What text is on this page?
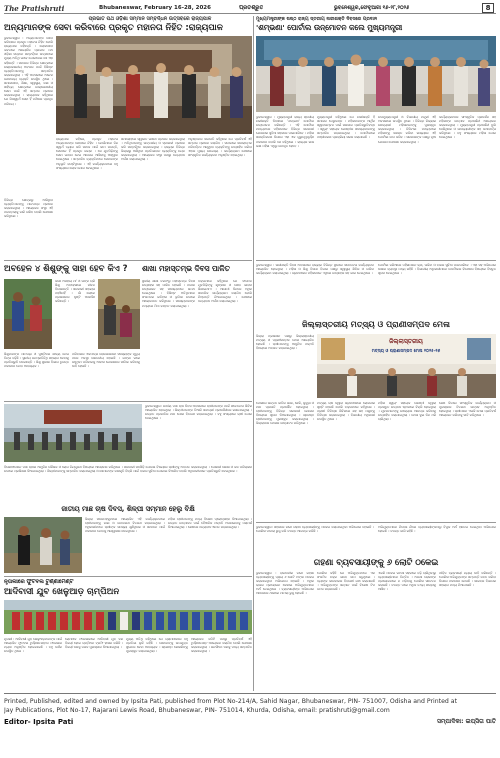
The Pratishruti	Bhubaneswar, February 16-28, 2026	ପ୍ରତିଶ୍ରୁତି	ଭୁବନେଶ୍ୱର,ଫେବୃଆରୀ ୧୬-୨୮,୨୦୨୬	8
ପ୍ରଭାତ ପଥ ଓଡ଼ିଶା ସମ୍ମାନ ସମ୍ବର୍ଦ୍ଧନ ଉତ୍ସବରେ ରାଜ୍ୟପାଳ
ଅନ୍ୟମାନଙ୍କ ସେବା କରିବାରେ ପ୍ରକୃତ ମହାନତା ନିହିତ :ରାଜ୍ୟପାଳ
ଭୁବନେଶ୍ୱର : ଅନ୍ୟମାନଙ୍କ ସେବା କରିବାରେ ପ୍ରକୃତ ମହାନତା ନିହିତ ବୋଲି ରାଜ୍ୟପାଳ କହିଛନ୍ତି । ଲୋକସେବା ଭବନରେ ଆୟୋଜିତ ପ୍ରଭାତ ପଥ ଓଡ଼ିଶା ସମ୍ମାନ ସମ୍ବର୍ଦ୍ଧନ ଉତ୍ସବରେ ମୁଖ୍ୟ ଅତିଥି ଭାବେ ଯୋଗଦେଇ ସେ ଏହା କହିଛନ୍ତି । ସମାଜର ବିଭିନ୍ନ କ୍ଷେତ୍ରରେ ଉଲ୍ଲେଖନୀୟ ଅବଦାନ ପାଇଁ ବିଶିଷ୍ଟ ବ୍ୟକ୍ତିମାନଙ୍କୁ ସମ୍ମାନିତ କରାଯାଇଥିଲା । ଏହି ଅବସରରେ ଅନେକ ଗଣମାନ୍ୟ ବ୍ୟକ୍ତି ଉପସ୍ଥିତ ଥିଲେ । ସମାଜସେବା, ଶିକ୍ଷା, ସ୍ୱାସ୍ଥ୍ୟ, କଳା ଓ ସାହିତ୍ୟ କ୍ଷେତ୍ରରେ ଉଲ୍ଲେଖନୀୟ ସେବା ପାଇଁ ଏହି ସମ୍ମାନ ପ୍ରଦାନ କରାଯାଇଥିଲା । ରାଜ୍ୟପାଳ କହିଥିଲେ ଯେ ନିଃସ୍ୱାର୍ଥ ସେବା ହିଁ ମଣିଷର ପ୍ରକୃତ ପରିଚୟ ।
ରାଜ୍ୟପାଳ କହିଲେ, ପ୍ରକୃତ ମହାନତା ଅନ୍ୟମାନଙ୍କ ସେବାରେ ନିହିତ । ଯେଉଁମାନେ ନିଜ ସ୍ୱାର୍ଥ ତ୍ୟାଗ କରି ସମାଜ ପାଇଁ କାମ କରନ୍ତି, ସେମାନେ ହିଁ ପ୍ରକୃତ ନାୟକ । ସେ ଯୁବପିଢ଼ିଙ୍କୁ ସେବା ଭାବନା ନେଇ ଆଗେଇ ଆସିବାକୁ ଆହ୍ୱାନ ଦେଇଥିଲେ । ସମ୍ମାନିତ ବ୍ୟକ୍ତିମାନେ ସେମାନଙ୍କ ଅନୁଭୂତି ବାଣ୍ଟିଥିଲେ । ଏହି କାର୍ଯ୍ୟକ୍ରମରେ ବହୁ ସଂଖ୍ୟାରେ ଲୋକ ଯୋଗ ଦେଇଥିଲେ ।
ସମାରୋହରେ ସ୍ୱାଗତ ଭାଷଣ ପ୍ରଦାନ କରାଯାଇଥିଲା । ଅତିଥିମାନଙ୍କୁ ଉତ୍ତରୀୟ ଓ ସ୍ମାରକୀ ପ୍ରଦାନ କରି ସମ୍ବର୍ଦ୍ଧିତ କରାଯାଇଥିଲା । ରାଜ୍ୟର ବିଭିନ୍ନ ଜିଲ୍ଲାରୁ ଆସିଥିବା ପ୍ରତିଭାବାନ ବ୍ୟକ୍ତିଙ୍କୁ ଚୟନ କରାଯାଇଥିଲା । ଆୟୋଜକ ସଂସ୍ଥା ପକ୍ଷରୁ ଧନ୍ୟବାଦ ଅର୍ପଣ କରାଯାଇଥିଲା ।
ଅନୁଷ୍ଠାନର ସଭାପତି କହିଥିଲେ ଯେ ପ୍ରତିବର୍ଷ ଏହି ସମ୍ମାନ ପ୍ରଦାନ କରାଯିବ । ସମାଜରେ ସକାରାତ୍ମକ ପରିବର୍ତ୍ତନ ଆଣୁଥିବା ବ୍ୟକ୍ତିଙ୍କୁ ଉତ୍ସାହିତ କରିବା ଏହାର ମୁଖ୍ୟ ଉଦ୍ଦେଶ୍ୟ । କାର୍ଯ୍ୟକ୍ରମ ଶେଷରେ ସାଂସ୍କୃତିକ କାର୍ଯ୍ୟକ୍ରମ ଅନୁଷ୍ଠିତ ହୋଇଥିଲା ।
ମୁଖ୍ୟମନ୍ତ୍ରୀଙ୍କ ଷଷ୍ଠ ରାଜ୍ୟ ସ୍ତରୀୟ ନାରୀଶକ୍ତି ଦିବସରେ ପ୍ରଦାନ
'ଶମ୍ଭଣା' ପୋର୍ଟାଲ ଉନ୍ମୋଚନ କଲେ ମୁଖ୍ୟମନ୍ତ୍ରୀ
ଭୁବନେଶ୍ୱର : ମୁଖ୍ୟମନ୍ତ୍ରୀ ରାଜ୍ୟ ସ୍ତରୀୟ ନାରୀଶକ୍ତି ଦିବସରେ 'ଶମ୍ଭଣା' ପୋର୍ଟାଲ ଉନ୍ମୋଚନ କରିଛନ୍ତି । ଏହି ପୋର୍ଟାଲ ମାଧ୍ୟମରେ ମହିଳାମାନେ ବିଭିନ୍ନ ସରକାରୀ ଯୋଜନାର ସୁବିଧା ସହଜରେ ପାଇପାରିବେ । ମହିଳା ସଶକ୍ତିକରଣ ଦିଗରେ ଏହା ଏକ ଗୁରୁତ୍ୱପୂର୍ଣ୍ଣ ପଦକ୍ଷେପ ବୋଲି ସେ କହିଥିଲେ । ରାଜ୍ୟର ଲକ୍ଷ ଲକ୍ଷ ମହିଳା ଏଥିରୁ ଉପକୃତ ହେବେ ।
ମୁଖ୍ୟମନ୍ତ୍ରୀ କହିଥିଲେ ଯେ ନାରୀଶକ୍ତି ହିଁ ସମାଜର ମେରୁଦଣ୍ଡ । ମହିଳାମାନଙ୍କ ଆର୍ଥିକ ସ୍ୱାବଲମ୍ବନ ପାଇଁ ସରକାର ପ୍ରତିଶ୍ରୁତିବଦ୍ଧ । ସ୍ୱୟଂ ସହାୟକ ଗୋଷ୍ଠୀର ସଦସ୍ୟାମାନଙ୍କୁ ସମ୍ମାନିତ କରାଯାଇଥିଲା । ପୋର୍ଟାଲରେ ପଞ୍ଜୀକରଣ ପ୍ରକ୍ରିୟା ସରଳ କରାଯାଇଛି ।
ଉପମୁଖ୍ୟମନ୍ତ୍ରୀ ଓ ବିଭାଗୀୟ ମନ୍ତ୍ରୀ ଏହି ଅବସରରେ ଉପସ୍ଥିତ ଥିଲେ । ବିଭିନ୍ନ ଜିଲ୍ଲାର ଉଦ୍ୟୋଗୀ ମହିଳାମାନଙ୍କୁ ପୁରସ୍କୃତ କରାଯାଇଥିଲା । ଡିଜିଟାଲ ମାଧ୍ୟମରେ ମହିଳାଙ୍କୁ ସଶକ୍ତ କରିବା ଲକ୍ଷ୍ୟରେ ଏହି ପୋର୍ଟାଲ କାମ କରିବ । ସରକାରଙ୍କ ପକ୍ଷରୁ ନୂଆ ଯୋଜନା ଘୋଷଣା କରାଯାଇଥିଲା ।
କାର୍ଯ୍ୟକ୍ରମରେ ସାଂସ୍କୃତିକ ପ୍ରଦର୍ଶନ ସହ ମହିଳାଙ୍କ ଉତ୍ପାଦ ପ୍ରଦର୍ଶନୀ ଆୟୋଜନ କରାଯାଇଥିଲା । ମୁଖ୍ୟମନ୍ତ୍ରୀ ପ୍ରଦର୍ଶନୀ ବୁଲି ଦେଖିଥିଲେ ଓ ଉଦ୍ୟୋଗୀଙ୍କ ସହ କଥାବାର୍ତ୍ତା କରିଥିଲେ । ବହୁ ସଂଖ୍ୟାରେ ମହିଳା ଯୋଗ ଦେଇଥିଲେ ।
ବିଭିନ୍ନ କ୍ଷେତ୍ରରୁ ଆସିଥିବା ବ୍ୟକ୍ତିମାନଙ୍କୁ ମାନପତ୍ର ପ୍ରଦାନ କରାଯାଇଥିଲା । ଆୟୋଜକ ସଂସ୍ଥା ଏହି ପରମ୍ପରାକୁ ଜାରି ରଖିବ ବୋଲି ଘୋଷଣା କରିଥିଲେ ।
ଅବହେଳ ୪ ଶିଶୁଙ୍କୁ ସାହା ହେବ କିଏ ?
ଜଣେ ଅସହାୟ ମା' ଓ ତାଙ୍କ ଚାରି ଶିଶୁ ଅବହେଳାରେ ଜୀବନ ବିତାଉଛନ୍ତି । ସରକାରୀ ସହାୟତା ପହଞ୍ଚିନାହିଁ । ଗାଁ ଲୋକେ ପ୍ରଶାସନର ଦୃଷ୍ଟି ଆକର୍ଷଣ କରିଛନ୍ତି ।
ଶିଶୁମାନଙ୍କ ପାଠପଢ଼ା ଓ ପୁଷ୍ଟିକର ଖାଦ୍ୟ ନେଇ ଚିନ୍ତା ବଢ଼ିଛି । ସ୍ଥାନୀୟ ଜନପ୍ରତିନିଧି ସହାୟତା ଦେବାକୁ ପ୍ରତିଶ୍ରୁତି ଦେଇଛନ୍ତି । ଶିଶୁ ସୁରକ୍ଷା ବିଭାଗ ତୁରନ୍ତ ପଦକ୍ଷେପ ନେବା ଆବଶ୍ୟକ ।
ପରିବାରର ଏକମାତ୍ର ରୋଜଗାରକ୍ଷମ ସଦସ୍ୟଙ୍କ ମୃତ୍ୟୁ ପରେ ଅବସ୍ଥା ଶୋଚନୀୟ ହୋଇଛି । ଭଙ୍ଗା ଘରେ ରହୁଥିବା ପରିବାରକୁ ଆବାସ ଯୋଜନାରେ ସାମିଲ କରିବାକୁ ଦାବି ହେଉଛି ।
ଶାଖା ମହାସ୍ତମ୍ଭ ଦିବସ ପାଳିତ
ସ୍ଥାନୀୟ ଶାଖା ତରଫରୁ ମହାସ୍ତମ୍ଭ ଦିବସ ଉତ୍ସାହର ସହ ପାଳିତ ହୋଇଛି । ପତାକା ଉତ୍ତୋଳନ ସହ ସଦସ୍ୟମାନେ ଶପଥ ନେଇଥିଲେ । ବିଶିଷ୍ଟ ଅତିଥିମାନେ ସଂଗଠନର ଇତିହାସ ଓ ଭୂମିକା ଉପରେ ଆଲୋକପାତ କରିଥିଲେ । ସଦସ୍ୟମାନଙ୍କ ମଧ୍ୟରେ ମିଠା ବଣ୍ଟନ କରାଯାଇଥିଲା ।
ବକ୍ତାମାନେ କହିଥିଲେ ଯେ ସଂଗଠନ ଯୁବପିଢ଼ିଙ୍କୁ ଶୃଙ୍ଖଳା ଓ ସେବା ଭାବନା ଶିଖାଇଥାଏ । ଆଗାମୀ ଦିନରେ ଅଧିକ ସାମାଜିକ କାର୍ଯ୍ୟକ୍ରମ କରାଯିବ ବୋଲି ନିଷ୍ପତ୍ତି ନିଆଯାଇଥିଲା । ଶେଷରେ ଧନ୍ୟବାଦ ଅର୍ପଣ କରାଯାଇଥିଲା ।
ଭୁବନେଶ୍ୱର : ନାରୀଶକ୍ତି ଦିବସ ଅବସରରେ ରାଜ୍ୟର ବିଭିନ୍ନ ସ୍ଥାନରେ ସଚେତନତା କାର୍ଯ୍ୟକ୍ରମ ଆୟୋଜିତ ହୋଇଥିଲା । ମହିଳା ଓ ଶିଶୁ ବିକାଶ ବିଭାଗ ପକ୍ଷରୁ ସ୍ୱାସ୍ଥ୍ୟ ଶିବିର ଓ ତାଲିମ କାର୍ଯ୍ୟକ୍ରମ କରାଯାଇଥିଲା । ଗ୍ରାମାଞ୍ଚଳର ମହିଳାମାନେ ଏଥିରେ ଉତ୍ସାହର ସହ ଭାଗ ନେଇଥିଲେ ।
ପୋର୍ଟାଲ ଜରିଆରେ ମହିଳାମାନେ ଋଣ, ତାଲିମ ଓ ବଜାର ସୁବିଧା ପାଇପାରିବେ । ଏହା ସହ ଅଭିଯୋଗ ଦାଖଲ ବ୍ୟବସ୍ଥା ମଧ୍ୟ ରହିଛି । ବିଭାଗୀୟ ଅଧିକାରୀମାନେ ପୋର୍ଟାଲର ବିଶେଷତା ବିଷୟରେ ବିସ୍ତୃତ ସୂଚନା ଦେଇଥିଲେ ।
ଜିଲ୍ଲାସ୍ତରୀୟ ମତ୍ସ୍ୟ ଓ ପ୍ରାଣୀସମ୍ପଦ ମେଳା
ଜିଲ୍ଲା ପ୍ରଶାସନ ପକ୍ଷରୁ ଜିଲ୍ଲାସ୍ତରୀୟ ମତ୍ସ୍ୟ ଓ ପ୍ରାଣୀସମ୍ପଦ ମେଳା ଆୟୋଜିତ ହୋଇଛି । ଚାଷୀମାନଙ୍କୁ ଆଧୁନିକ ପଦ୍ଧତି ବିଷୟରେ ଅବଗତ କରାଯାଇଥିଲା ।
ଜିଲ୍ଲାସ୍ତରୀୟ
ମତ୍ସ୍ୟ ଓ ପ୍ରାଣୀସମ୍ପଦ ମେଳା ୨୦୨୫-୨୬
ମେଳାରେ ଉନ୍ନତ ଜାତିର ଗାଈ, ଛେଳି, କୁକୁଡ଼ା ଓ ମାଛ ପ୍ରଜାତି ପ୍ରଦର୍ଶିତ ହୋଇଥିଲା । ଚାଷୀମାନଙ୍କୁ ବିଭିନ୍ନ ସରକାରୀ ଯୋଜନା ବିଷୟରେ ସୂଚନା ଦିଆଯାଇଥିଲା । ଶ୍ରେଷ୍ଠ ଚାଷୀମାନଙ୍କୁ ପୁରସ୍କୃତ କରାଯାଇଥିଲା । ଜିଲ୍ଲାପାଳ ମେଳାର ଉଦ୍‌ଘାଟନ କରିଥିଲେ ।
ମତ୍ସ୍ୟ ଚାଷ ଦ୍ୱାରା ଗ୍ରାମାଞ୍ଚଳରେ ରୋଜଗାର ସୃଷ୍ଟି ହେଉଛି ବୋଲି ବକ୍ତାମାନେ କହିଥିଲେ । ପ୍ରାଣୀ ଚିକିତ୍ସା ଶିବିରରେ ଶହ ଶହ ପଶୁଙ୍କୁ ଚିକିତ୍ସା କରାଯାଇଥିଲା । ବିଭାଗୀୟ ଅଧିକାରୀ ଉପସ୍ଥିତ ଥିଲେ ।
ମହିଳା ସ୍ୱୟଂ ସହାୟକ ଗୋଷ୍ଠୀ ଦ୍ୱାରା ପ୍ରସ୍ତୁତ ଉତ୍ପାଦ ଷ୍ଟଲରେ ବିକ୍ରି ହୋଇଥିଲା । ଯୁବକମାନଙ୍କୁ ଉଦ୍ୟୋଗ ଆରମ୍ଭ କରିବାକୁ ଉତ୍ସାହିତ କରାଯାଇଥିଲା । ମେଳା ଦୁଇ ଦିନ ଧରି ଚାଲିଥିଲା ।
ଶେଷ ଦିନରେ ସାଂସ୍କୃତିକ କାର୍ଯ୍ୟକ୍ରମ ଓ ପୁରସ୍କାର ବିତରଣ ଉତ୍ସବ ଅନୁଷ୍ଠିତ ହୋଇଥିଲା । ଚାଷୀମାନେ ଏଭଳି ମେଳା ପ୍ରତିବର୍ଷ ଆୟୋଜନ କରିବାକୁ ଦାବି କରିଥିଲେ ।
ଭୁବନେଶ୍ୱର: ଜାତୀୟ ମାଛ ଚାଷ ଦିବସ ଅବସରରେ ଚାଷୀମାନଙ୍କ ପାଇଁ ସଚେତନତା ଶିବିର ଆୟୋଜିତ ହୋଇଥିଲା । ଶିଳ୍ପୀମାନଙ୍କ ତିଆରି ସାମଗ୍ରୀ ପ୍ରଦର୍ଶନୀରେ ରଖାଯାଇଥିଲା । ଉନ୍ନତ ପ୍ରଜାତିର ମାଛ ପୋନା ବିତରଣ କରାଯାଇଥିଲା । ବହୁ ସଂଖ୍ୟାରେ ଚାଷୀ ଯୋଗ ଦେଇଥିଲେ ।
ବିଶେଷଜ୍ଞମାନେ ମାଛ ଚାଷର ଆଧୁନିକ କୌଶଳ ଓ ରୋଗ ନିୟନ୍ତ୍ରଣ ବିଷୟରେ ଆଲୋଚନା କରିଥିଲେ । ସରକାରୀ ସବସିଡ଼ି ଯୋଜନା ବିଷୟରେ ଚାଷୀଙ୍କୁ ଅବଗତ କରାଯାଇଥିଲା । ପୋଖରୀ ଖୋଳା ଓ ଜଳ ପରିଚାଳନା ଉପରେ ପ୍ରଶିକ୍ଷଣ ଦିଆଯାଇଥିଲା । ଶିଳ୍ପୀମାନଙ୍କୁ ସମ୍ମାନିତ କରାଯାଇଥିଲା ଓ ସେମାନଙ୍କ କଳାକୃତି ବିକ୍ରି ପାଇଁ ବଜାର ସୁବିଧା ଯୋଗାଇ ଦିଆଯିବ ବୋଲି ଅଧିକାରୀମାନେ ପ୍ରତିଶ୍ରୁତି ଦେଇଥିଲେ ।
ଜାତୀୟ ମାଛ ଚାଷ ଦିବସ, ଶିଳ୍ପୀ ସମ୍ମାନ ହେଲୁ ବିକ୍ଷି
ଜିଲ୍ଲା ସଦରମହକୁମାରେ ଆୟୋଜିତ ଏହି କାର୍ଯ୍ୟକ୍ରମରେ ଚାଷୀମାନଙ୍କୁ ଜାଲ ଓ ଉପକରଣ ବିତରଣ କରାଯାଇଥିଲା । ଅଧିକାରୀମାନେ ଚାଷୀଙ୍କ ସମସ୍ୟା ଶୁଣିଥିଲେ ଓ ସମାଧାନ ପାଇଁ ପଦକ୍ଷେପ ନେବାକୁ ଆଶ୍ୱାସନା ଦେଇଥିଲେ ।
ମହିଳା ଚାଷୀମାନଙ୍କୁ ମଧ୍ୟ ବିଶେଷ ପ୍ରୋତ୍ସାହନ ଦିଆଯାଇଥିଲା । ଉନ୍ନତ ଉତ୍ପାଦନ ପାଇଁ ବୈଜ୍ଞାନିକ ପଦ୍ଧତି ଅପନାଇବାକୁ ପରାମର୍ଶ ଦିଆଯାଇଥିଲା । ଶେଷରେ ଧନ୍ୟବାଦ ଜ୍ଞାପନ କରାଯାଇଥିଲା ।
ନୃତାଲୀରେ ଫୁଟବଲ ଟୁର୍ଣ୍ଣାମେଣ୍ଟ
ଆଦିବାସୀ ଯୁବ ଖେଳୁଆଡ଼ ଚାମ୍ପିଅନ
ନୃତାଲୀ : ଆଦିବାସୀ ଯୁବ ଖେଳୁଆଡ଼ମାନଙ୍କ ପାଇଁ ଆୟୋଜିତ ଫୁଟବଲ ଟୁର୍ଣ୍ଣାମେଣ୍ଟର ଫାଇନାଲ ମ୍ୟାଚ ଅନୁଷ୍ଠିତ ହୋଇଯାଇଛି । ବହୁ ଦର୍ଶକ ଉପସ୍ଥିତ ଥିଲେ ।
ରୋମାଞ୍ଚକ ଫାଇନାଲରେ ଆଦିବାସୀ ଯୁବ ଦଳ ବିଜୟୀ ହୋଇ ଚାମ୍ପିଅନ ଟ୍ରଫି ହାସଲ କରିଛି । ବିଜୟୀ ଦଳକୁ ନଗଦ ପୁରସ୍କାର ଦିଆଯାଇଥିଲା ।
ମୁଖ୍ୟ ଅତିଥି କହିଥିଲେ ଯେ ଗ୍ରାମାଞ୍ଚଳରେ ବହୁ ପ୍ରତିଭା ଲୁଚି ରହିଛି । ସେମାନଙ୍କୁ ଉପଯୁକ୍ତ ସୁଯୋଗ ଦେବା ଆବଶ୍ୟକ । ଶ୍ରେଷ୍ଠ ଖେଳାଳିଙ୍କୁ ପୁରସ୍କୃତ କରାଯାଇଥିଲା ।
ଆୟୋଜକ କମିଟି ପକ୍ଷରୁ ପ୍ରତିବର୍ଷ ଏହି ଟୁର୍ଣ୍ଣାମେଣ୍ଟ ଆୟୋଜନ କରାଯିବ ବୋଲି ଘୋଷଣା କରାଯାଇଥିଲା । ରନର୍ସଅପ ଦଳକୁ ମଧ୍ୟ ସମ୍ମାନିତ କରାଯାଇଥିଲା ।
ଭୁବନେଶ୍ୱର: ସହରରେ ଜଣେ ଗହଣା ବ୍ୟବସାୟୀଙ୍କୁ ଠକେଇ କରାଯାଇଥିବା ଅଭିଯୋଗ ହୋଇଛି । ପୋଲିସ ମାମଲା ରୁଜୁ କରି ତଦନ୍ତ ଆରମ୍ଭ କରିଛି ।
ଅଭିଯୁକ୍ତମାନେ ନିବେଶ ନାଁରେ ବ୍ୟବସାୟୀଙ୍କଠାରୁ ବିପୁଳ ଅର୍ଥ ହାତେଇ ନେଇଥିବା ଅଭିଯୋଗ ହୋଇଛି । ତଦନ୍ତ ଜାରି ରହିଛି ।
ଗହଣା ବ୍ୟବସାୟୀଙ୍କୁ ୬ ଲୋଟି ଠକେଇ
ଭୁବନେଶ୍ୱର : ରାଜଧାନୀର ଜଣେ ଗହଣା ବ୍ୟବସାୟୀଙ୍କୁ ପ୍ରାୟ ୬ କୋଟି ଟଙ୍କା ଠକେଇ କରାଯାଇଥିବା ଅଭିଯୋଗ ହୋଇଛି । ଅଧିକ ଲାଭର ପ୍ରଲୋଭନ ଦେଖାଇ ଅଭିଯୁକ୍ତମାନେ ଅର୍ଥ ନେଇଥିଲେ । ବ୍ୟବସାୟୀଙ୍କ ଅଭିଯୋଗ ଆଧାରରେ ଥାନାରେ ମାମଲା ରୁଜୁ ହୋଇଛି ।
ପୋଲିସ କହିଛି ଯେ ଅଭିଯୁକ୍ତମାନେ ଏକ ସଂଗଠିତ ଚକ୍ର ଭାବେ କାମ କରୁଥିଲେ । ବ୍ୟାଙ୍କ କାରବାରର ବିବରଣୀ ଯାଞ୍ଚ କରାଯାଉଛି । ଅଭିଯୁକ୍ତଙ୍କ ସନ୍ଧାନ ପାଇଁ ବିଶେଷ ଟିମ ଗଠନ କରାଯାଇଛି ।
ଏଭଳି ଠକେଇ ଘଟଣା ସହରରେ ବଢ଼ି ଚାଲିଥିବାରୁ ବ୍ୟବସାୟୀମାନେ ଚିନ୍ତିତ । ଅଜଣା ଲୋକଙ୍କ ପ୍ରଲୋଭନରେ ନ ପଡ଼ିବାକୁ ପୋଲିସ ସଚେତନ କରାଇଛି । ତଦନ୍ତ ପରେ ଅଧିକ ତଥ୍ୟ ସାମ୍ନାକୁ ଆସିବ ।
ପୀଡ଼ିତ ବ୍ୟବସାୟୀ ନ୍ୟାୟ ଦାବି କରିଛନ୍ତି । ପୋଲିସ ଅଭିଯୁକ୍ତଙ୍କ ସମ୍ପତ୍ତି ଜବତ କରିବା ଦିଗରେ ପଦକ୍ଷେପ ନେଉଛି । ସାଇବର ବିଭାଗର ସହାୟତା ମଧ୍ୟ ନିଆଯାଉଛି ।
Printed, Published, edited and owned by Ipsita Pati, published from Plot No-214/A, Sahid Nagar, Bhubaneswar, PIN- 751007, Odisha and Printed at
Jay Publications, Plot No-17, Rajarani Lewis Road, Bhubaneswar, PIN- 751014, Khurda, Odisha, email: pratishruti@gmail.com
Editor- Ipsita Pati	ସମ୍ପାଦିକା: ଇପ୍ସିତା ପାତି
